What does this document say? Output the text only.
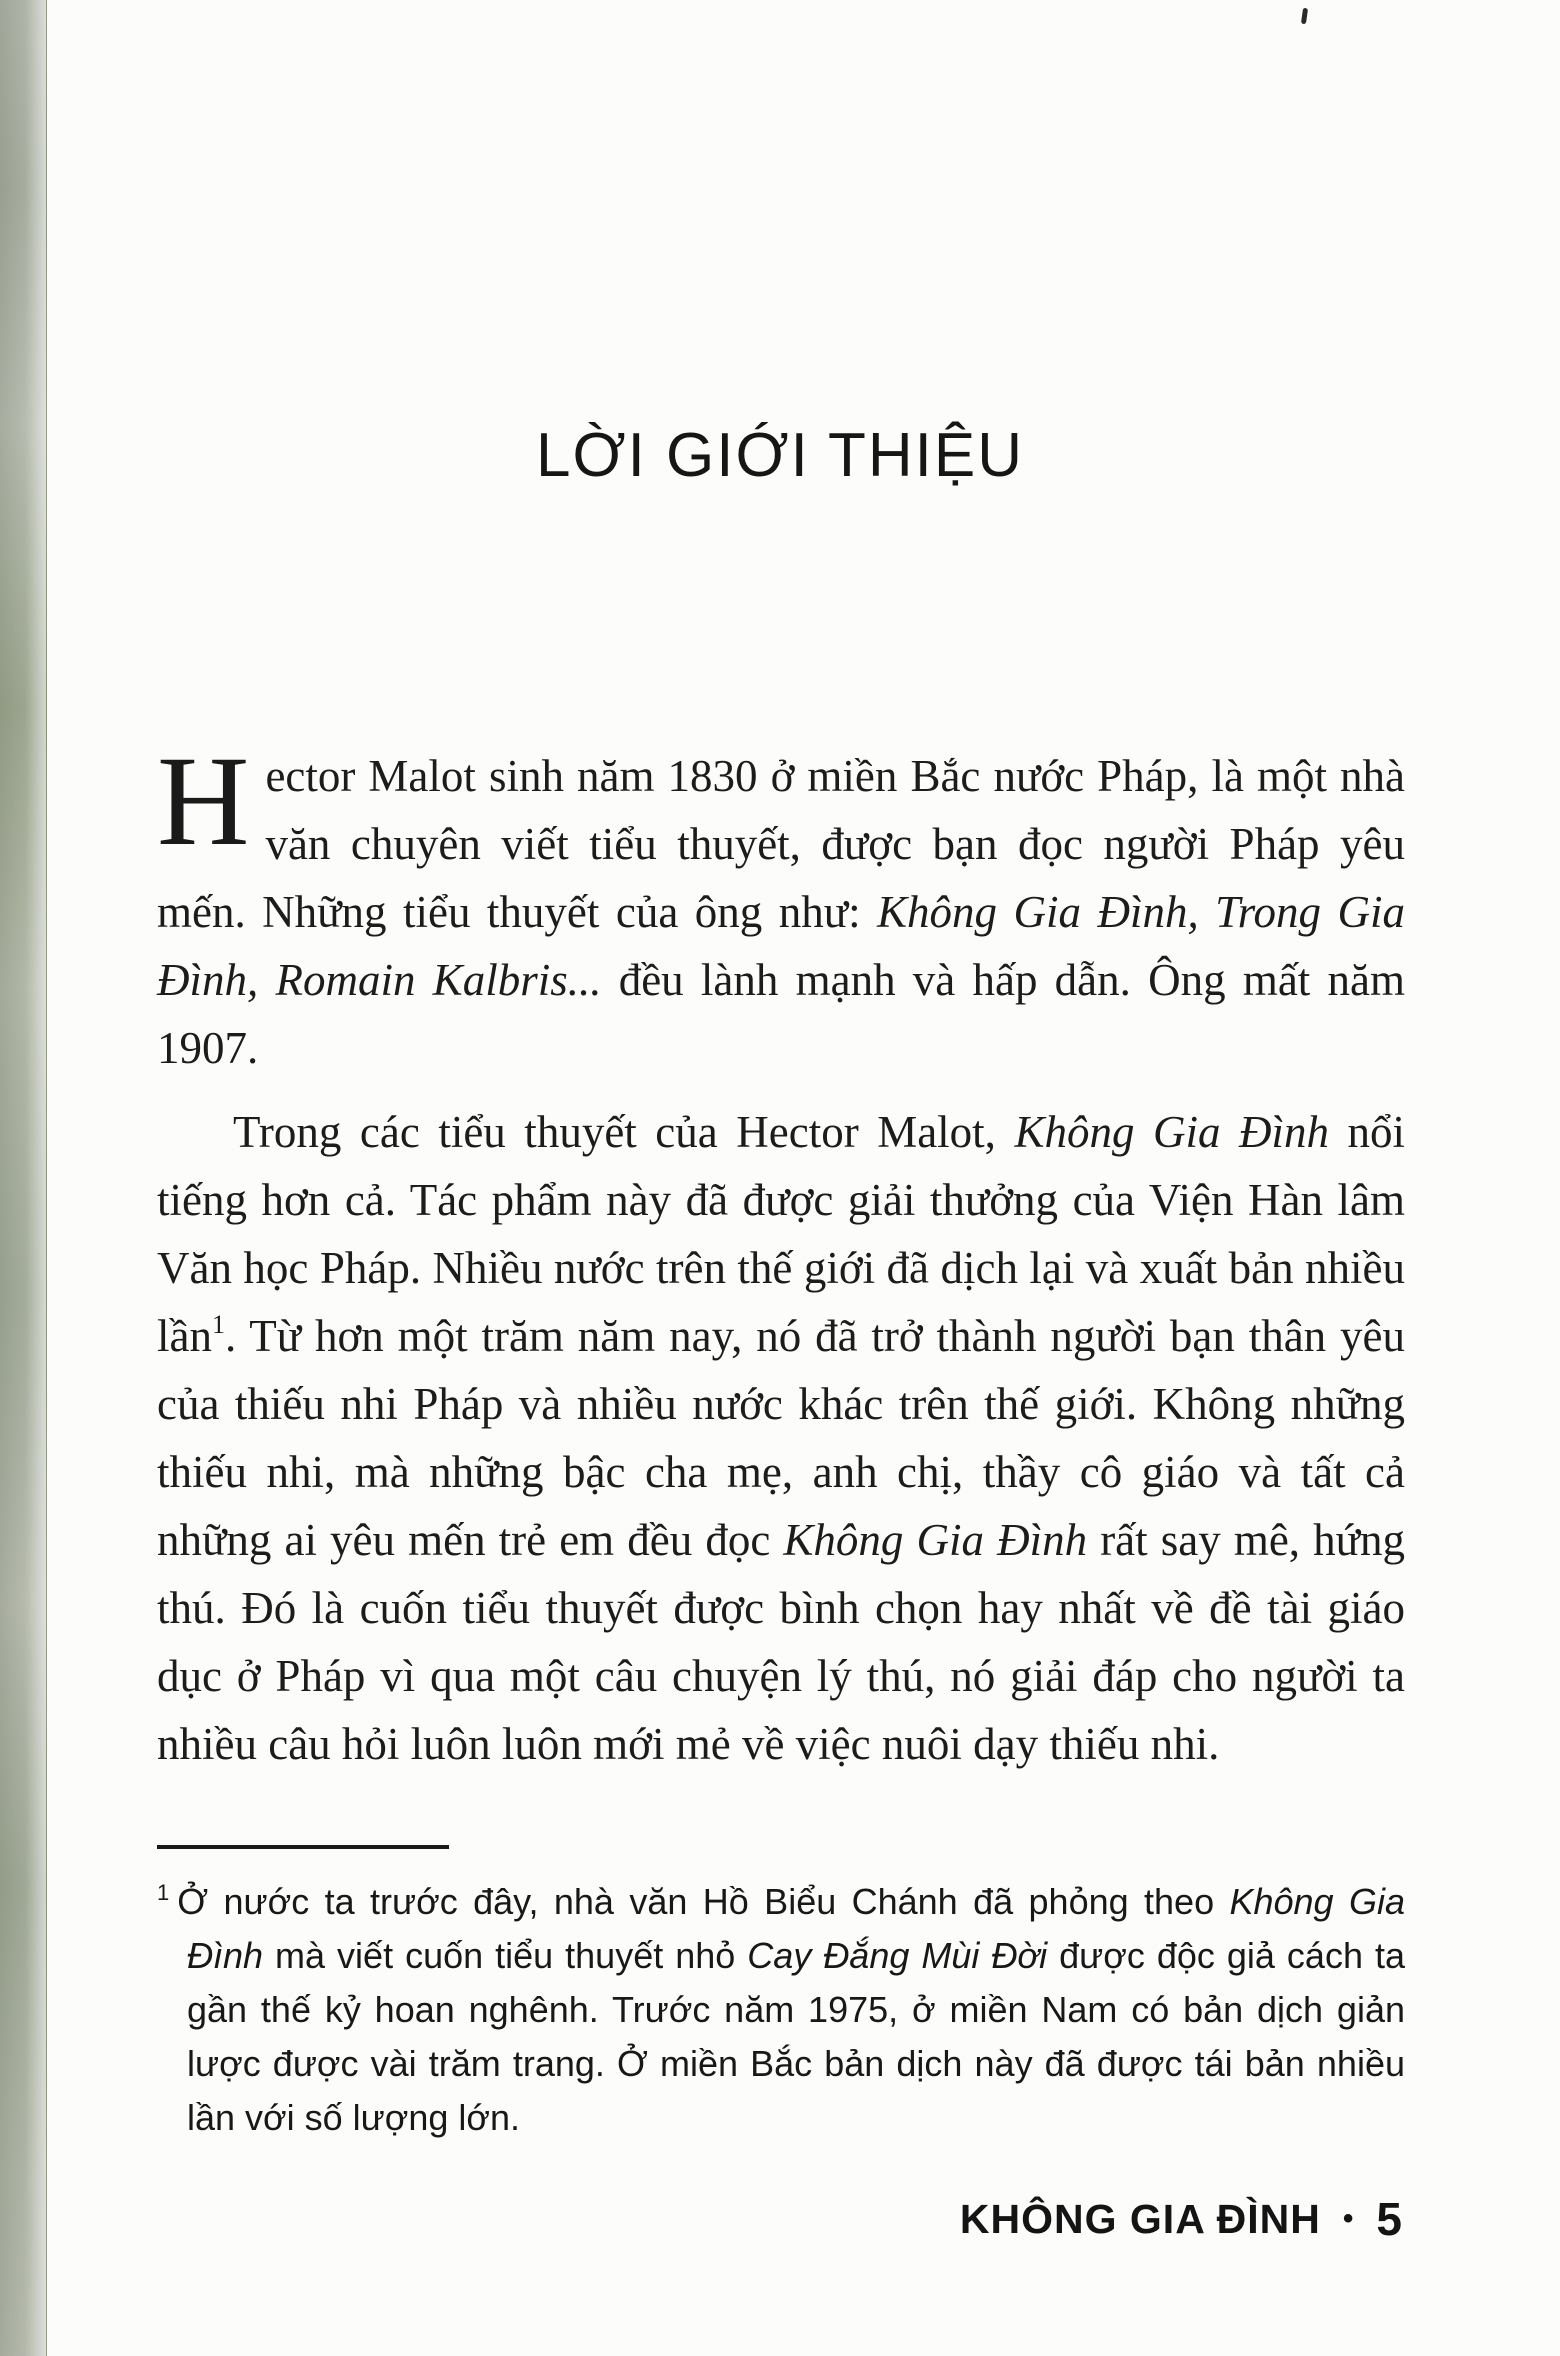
LỜI GIỚI THIỆU

Hector Malot sinh năm 1830 ở miền Bắc nước Pháp, là một nhà văn chuyên viết tiểu thuyết, được bạn đọc người Pháp yêu mến. Những tiểu thuyết của ông như: Không Gia Đình, Trong Gia Đình, Romain Kalbris... đều lành mạnh và hấp dẫn. Ông mất năm 1907.

Trong các tiểu thuyết của Hector Malot, Không Gia Đình nổi tiếng hơn cả. Tác phẩm này đã được giải thưởng của Viện Hàn lâm Văn học Pháp. Nhiều nước trên thế giới đã dịch lại và xuất bản nhiều lần$^1$. Từ hơn một trăm năm nay, nó đã trở thành người bạn thân yêu của thiếu nhi Pháp và nhiều nước khác trên thế giới. Không những thiếu nhi, mà những bậc cha mẹ, anh chị, thầy cô giáo và tất cả những ai yêu mến trẻ em đều đọc Không Gia Đình rất say mê, hứng thú. Đó là cuốn tiểu thuyết được bình chọn hay nhất về đề tài giáo dục ở Pháp vì qua một câu chuyện lý thú, nó giải đáp cho người ta nhiều câu hỏi luôn luôn mới mẻ về việc nuôi dạy thiếu nhi.

$^1$ Ở nước ta trước đây, nhà văn Hồ Biểu Chánh đã phỏng theo Không Gia Đình mà viết cuốn tiểu thuyết nhỏ Cay Đắng Mùi Đời được độc giả cách ta gần thế kỷ hoan nghênh. Trước năm 1975, ở miền Nam có bản dịch giản lược được vài trăm trang. Ở miền Bắc bản dịch này đã được tái bản nhiều lần với số lượng lớn.

KHÔNG GIA ĐÌNH • 5
